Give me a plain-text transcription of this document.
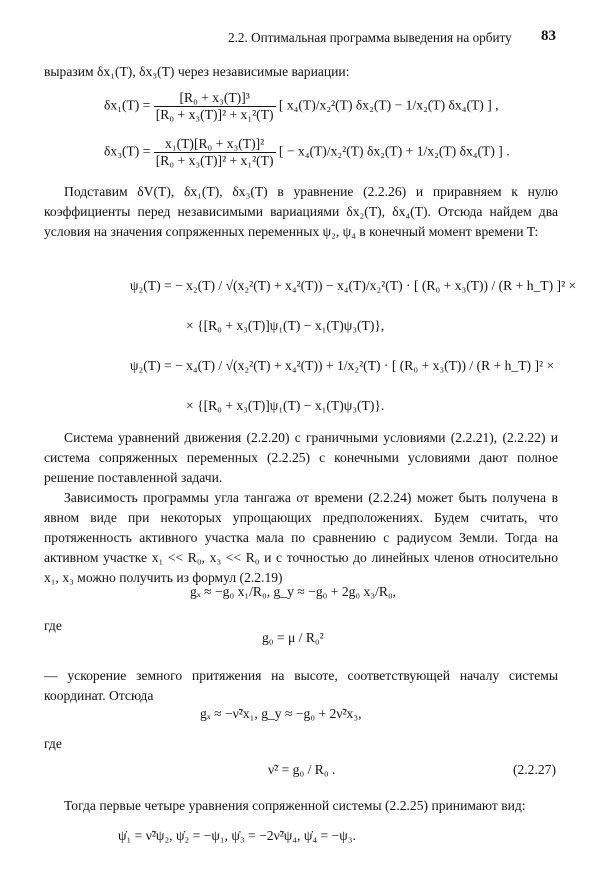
2.2. Оптимальная программа выведения на орбиту 83
выразим δx₁(T), δx₃(T) через независимые вариации:
$\delta x_1(T) = \frac{\text{[R₀ + x₃(T)]³}}{\text{[R₀ + x₃(T)]² + x₁²(T)}}$ [ x₄(T)/x₂²(T) δx₂(T) − 1/x₂(T) δx₄(T) ] ,
$\delta x_3(T) = \frac{\text{x₁(T)[R₀ + x₃(T)]²}}{\text{[R₀ + x₃(T)]² + x₁²(T)}}$ [ − x₄(T)/x₂²(T) δx₂(T) + 1/x₂(T) δx₄(T) ] .
Подставим δV(T), δx₁(T), δx₃(T) в уравнение (2.2.26) и приравняем к нулю коэффициенты перед независимыми вариациями δx₂(T), δx₄(T). Отсюда найдем два условия на значения сопряженных переменных ψ₂, ψ₄ в конечный момент времени T:
ψ₂(T) = − x₂(T) / √(x₂²(T) + x₄²(T)) − x₄(T)/x₂²(T) · [ (R₀ + x₃(T)) / (R + h_T) ]² ×
× {[R₀ + x₃(T)]ψ₁(T) − x₁(T)ψ₃(T)},
ψ₂(T) = − x₄(T) / √(x₂²(T) + x₄²(T)) + 1/x₂²(T) · [ (R₀ + x₃(T)) / (R + h_T) ]² ×
× {[R₀ + x₃(T)]ψ₁(T) − x₁(T)ψ₃(T)}.
Система уравнений движения (2.2.20) с граничными условиями (2.2.21), (2.2.22) и система сопряженных переменных (2.2.25) с конечными условиями дают полное решение поставленной задачи.
Зависимость программы угла тангажа от времени (2.2.24) может быть получена в явном виде при некоторых упрощающих предположениях. Будем считать, что протяженность активного участка мала по сравнению с радиусом Земли. Тогда на активном участке x₁ << R₀, x₃ << R₀ и с точностью до линейных членов относительно x₁, x₃ можно получить из формул (2.2.19)
gₓ ≈ −g₀ x₁/R₀, g_y ≈ −g₀ + 2g₀ x₃/R₀,
где
g₀ = μ / R₀²
— ускорение земного притяжения на высоте, соответствующей началу системы координат. Отсюда
gₓ ≈ −ν̃²x₁, g_y ≈ −g₀ + 2ν̃²x₃,
где
ν̃² = g₀ / R₀ .	(2.2.27)
Тогда первые четыре уравнения сопряженной системы (2.2.25) принимают вид:
ψ̇₁ = ν̃²ψ₂, ψ̇₂ = −ψ₁, ψ̇₃ = −2ν̃²ψ₄, ψ̇₄ = −ψ₃.
